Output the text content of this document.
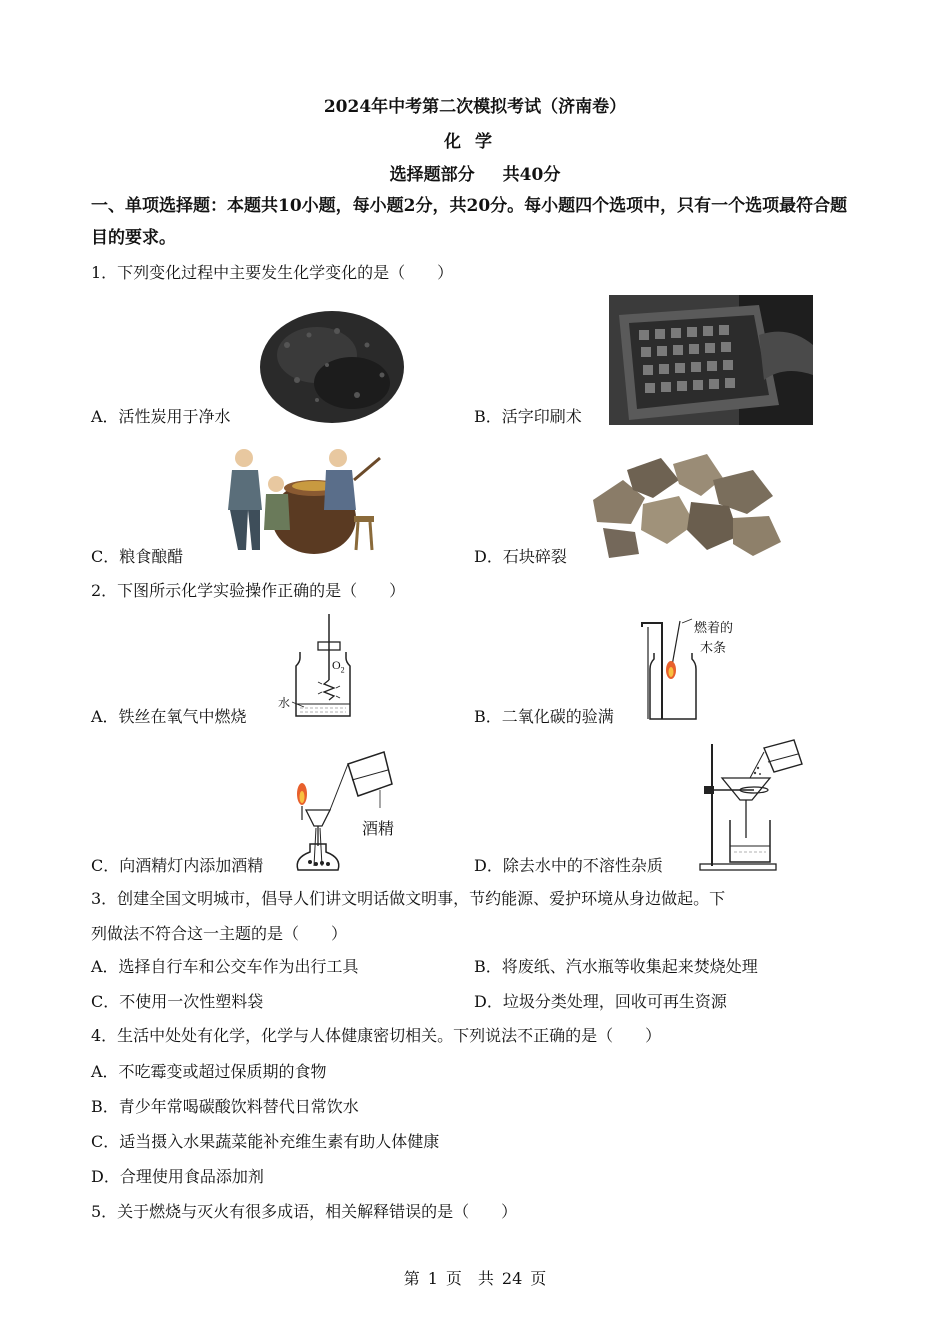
2024年中考第二次模拟考试（济南卷）
化学
选择题部分 共40分
一、单项选择题：本题共10小题，每小题2分，共20分。每小题四个选项中，只有一个选项最符合题目的要求。
1．下列变化过程中主要发生化学变化的是（　　）
A．活性炭用于净水	B．活字印刷术
C．粮食酿醋	D．石块碎裂
2．下图所示化学实验操作正确的是（　　）
$O_2$
水
A．铁丝在氧气中燃烧
燃着的
木条
B．二氧化碳的验满
酒精
C．向酒精灯内添加酒精	D．除去水中的不溶性杂质
3．创建全国文明城市，倡导人们讲文明话做文明事，节约能源、爱护环境从身边做起。下
列做法不符合这一主题的是（　　）
A．选择自行车和公交车作为出行工具	B．将废纸、汽水瓶等收集起来焚烧处理
C．不使用一次性塑料袋	D．垃圾分类处理，回收可再生资源
4．生活中处处有化学，化学与人体健康密切相关。下列说法不正确的是（　　）
A．不吃霉变或超过保质期的食物
B．青少年常喝碳酸饮料替代日常饮水
C．适当摄入水果蔬菜能补充维生素有助人体健康
D．合理使用食品添加剂
5．关于燃烧与灭火有很多成语，相关解释错误的是（　　）
第 1 页　共 24 页
